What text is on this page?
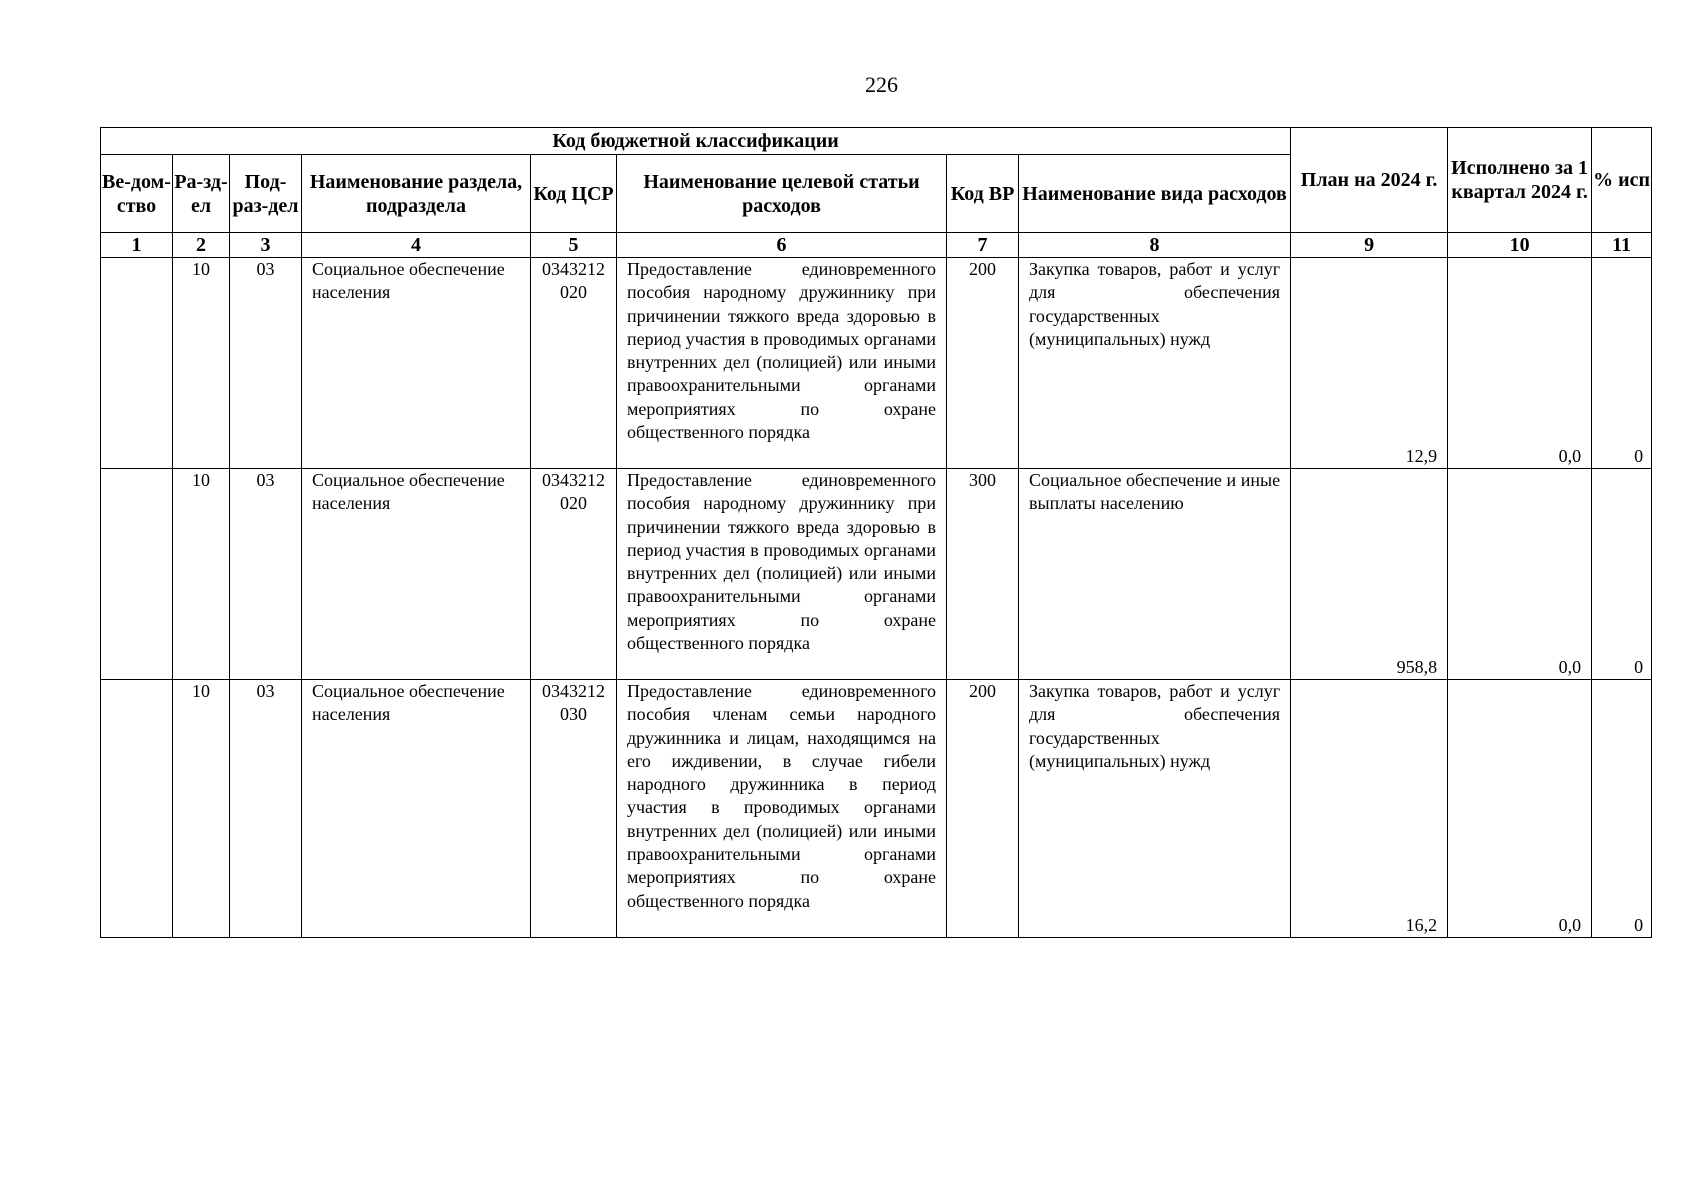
226
Код бюджетной классификации								План на 2024 г.	Исполнено за 1 квартал 2024 г.	% исп
Ве-дом-ство	Ра-зд-ел	Под-раз-дел	Наименование раздела, подраздела	Код ЦСР	Наименование целевой статьи расходов	Код ВР	Наименование вида расходов			
1	2	3	4	5	6	7	8	9	10	11
	10	03	Социальное обеспечение населения	0343212020	Предоставление единовременного пособия народному дружиннику при причинении тяжкого вреда здоровью в период участия в проводимых органами внутренних дел (полицией) или иными правоохранительными органами мероприятиях по охране общественного порядка	200	Закупка товаров, работ и услуг для обеспечения государственных (муниципальных) нужд	12,9	0,0	0
	10	03	Социальное обеспечение населения	0343212020	Предоставление единовременного пособия народному дружиннику при причинении тяжкого вреда здоровью в период участия в проводимых органами внутренних дел (полицией) или иными правоохранительными органами мероприятиях по охране общественного порядка	300	Социальное обеспечение и иные выплаты населению	958,8	0,0	0
	10	03	Социальное обеспечение населения	0343212030	Предоставление единовременного пособия членам семьи народного дружинника и лицам, находящимся на его иждивении, в случае гибели народного дружинника в период участия в проводимых органами внутренних дел (полицией) или иными правоохранительными органами мероприятиях по охране общественного порядка	200	Закупка товаров, работ и услуг для обеспечения государственных (муниципальных) нужд	16,2	0,0	0
